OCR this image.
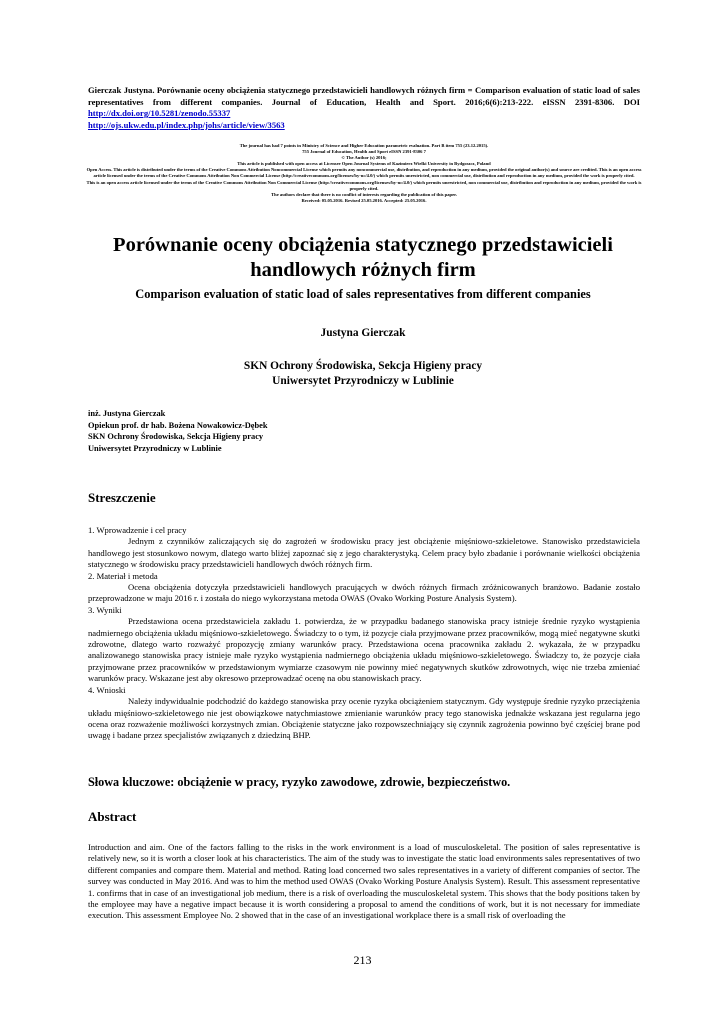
Gierczak Justyna. Porównanie oceny obciążenia statycznego przedstawicieli handlowych różnych firm = Comparison evaluation of static load of sales representatives from different companies. Journal of Education, Health and Sport. 2016;6(6):213-222. eISSN 2391-8306. DOI http://dx.doi.org/10.5281/zenodo.55337
http://ojs.ukw.edu.pl/index.php/johs/article/view/3563

The journal has had 7 points in Ministry of Science and Higher Education parametric evaluation. Part B item 755 (23.12.2015).

755 Journal of Education, Health and Sport eISSN 2391-8306 7

© The Author (s) 2016;

This article is published with open access at Licensee Open Journal Systems of Kazimierz Wielki University in Bydgoszcz, Poland

Open Access. This article is distributed under the terms of the Creative Commons Attribution Noncommercial License which permits any noncommercial use, distribution, and reproduction in any medium, provided the original author(s) and source are credited. This is an open access article licensed under the terms of the Creative Commons Attribution Non Commercial License (http://creativecommons.org/licenses/by-nc/4.0/) which permits unrestricted, non commercial use, distribution and reproduction in any medium, provided the work is properly cited.

This is an open access article licensed under the terms of the Creative Commons Attribution Non Commercial License (http://creativecommons.org/licenses/by-nc/4.0/) which permits unrestricted, non commercial use, distribution and reproduction in any medium, provided the work is properly cited.

The authors declare that there is no conflict of interests regarding the publication of this paper.

Received: 05.05.2016. Revised 25.05.2016. Accepted: 25.05.2016.

Porównanie oceny obciążenia statycznego przedstawicieli handlowych różnych firm
Comparison evaluation of static load of sales representatives from different companies
Justyna Gierczak
SKN Ochrony Środowiska, Sekcja Higieny pracy
Uniwersytet Przyrodniczy w Lublinie
inż. Justyna Gierczak
Opiekun prof. dr hab. Bożena Nowakowicz-Dębek
SKN Ochrony Środowiska, Sekcja Higieny pracy
Uniwersytet Przyrodniczy w Lublinie
Streszczenie

1. Wprowadzenie i cel pracy

Jednym z czynników zaliczających się do zagrożeń w środowisku pracy jest obciążenie mięśniowo-szkieletowe. Stanowisko przedstawiciela handlowego jest stosunkowo nowym, dlatego warto bliżej zapoznać się z jego charakterystyką. Celem pracy było zbadanie i porównanie wielkości obciążenia statycznego w środowisku pracy przedstawicieli handlowych dwóch różnych firm.

2. Materiał i metoda

Ocena obciążenia dotyczyła przedstawicieli handlowych pracujących w dwóch różnych firmach zróżnicowanych branżowo. Badanie zostało przeprowadzone w maju 2016 r. i została do niego wykorzystana metoda OWAS (Ovako Working Posture Analysis System).

3. Wyniki

Przedstawiona ocena przedstawiciela zakładu 1. potwierdza, że w przypadku badanego stanowiska pracy istnieje średnie ryzyko wystąpienia nadmiernego obciążenia układu mięśniowo-szkieletowego. Świadczy to o tym, iż pozycje ciała przyjmowane przez pracowników, mogą mieć negatywne skutki zdrowotne, dlatego warto rozważyć propozycję zmiany warunków pracy. Przedstawiona ocena pracownika zakładu 2. wykazała, że w przypadku analizowanego stanowiska pracy istnieje małe ryzyko wystąpienia nadmiernego obciążenia układu mięśniowo-szkieletowego. Świadczy to, że pozycje ciała przyjmowane przez pracowników w przedstawionym wymiarze czasowym nie powinny mieć negatywnych skutków zdrowotnych, więc nie trzeba zmieniać warunków pracy. Wskazane jest aby okresowo przeprowadzać ocenę na obu stanowiskach pracy.

4. Wnioski

Należy indywidualnie podchodzić do każdego stanowiska przy ocenie ryzyka obciążeniem statycznym. Gdy występuje średnie ryzyko przeciążenia układu mięśniowo-szkieletowego nie jest obowiązkowe natychmiastowe zmienianie warunków pracy tego stanowiska jednakże wskazana jest regularna jego ocena oraz rozważenie możliwości korzystnych zmian. Obciążenie statyczne jako rozpowszechniający się czynnik zagrożenia powinno być częściej brane pod uwagę i badane przez specjalistów związanych z dziedziną BHP.

Słowa kluczowe: obciążenie w pracy, ryzyko zawodowe, zdrowie, bezpieczeństwo.
Abstract

Introduction and aim. One of the factors falling to the risks in the work environment is a load of musculoskeletal. The position of sales representative is relatively new, so it is worth a closer look at his characteristics. The aim of the study was to investigate the static load environments sales representatives of two different companies and compare them. Material and method. Rating load concerned two sales representatives in a variety of different companies of sector. The survey was conducted in May 2016. And was to him the method used OWAS (Ovako Working Posture Analysis System). Result. This assessment representative 1. confirms that in case of an investigational job medium, there is a risk of overloading the musculoskeletal system. This shows that the body positions taken by the employee may have a negative impact because it is worth considering a proposal to amend the conditions of work, but it is not necessary for immediate execution. This assessment Employee No. 2 showed that in the case of an investigational workplace there is a small risk of overloading the

213
